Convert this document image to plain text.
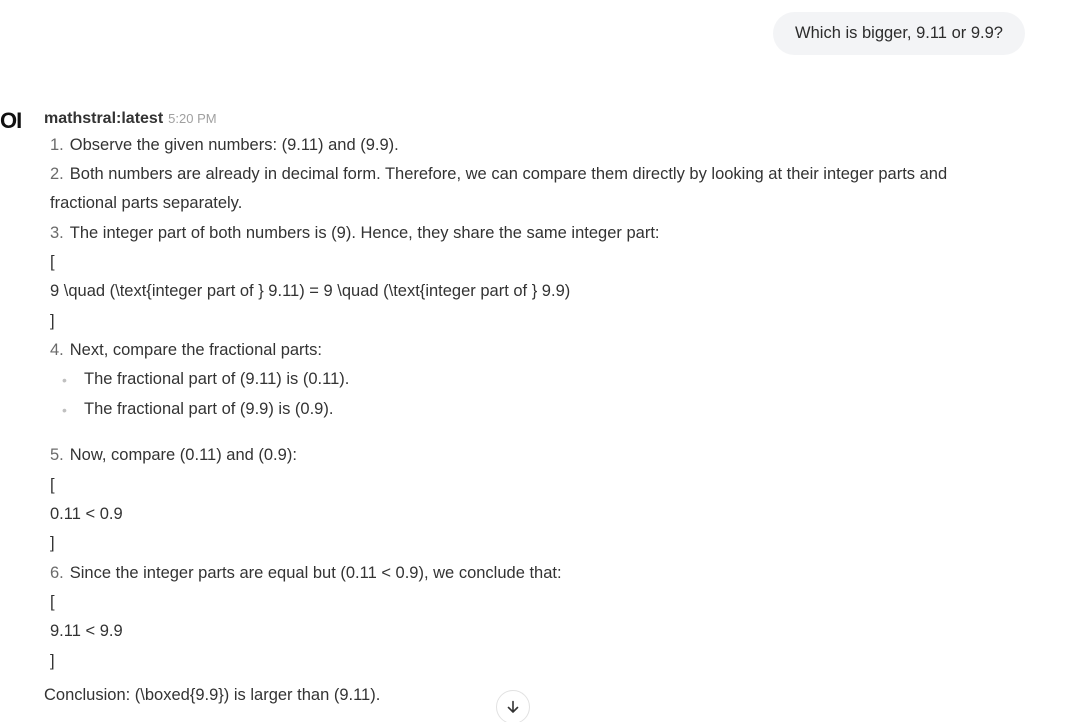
Which is bigger, 9.11 or 9.9?
OI mathstral:latest 5:20 PM
1. Observe the given numbers: (9.11) and (9.9).
2. Both numbers are already in decimal form. Therefore, we can compare them directly by looking at their integer parts and
fractional parts separately.
3. The integer part of both numbers is (9). Hence, they share the same integer part:
[
9 \quad (\text{integer part of } 9.11) = 9 \quad (\text{integer part of } 9.9)
]
4. Next, compare the fractional parts:
• The fractional part of (9.11) is (0.11).
• The fractional part of (9.9) is (0.9).
5. Now, compare (0.11) and (0.9):
[
0.11 < 0.9
]
6. Since the integer parts are equal but (0.11 < 0.9), we conclude that:
[
9.11 < 9.9
]
Conclusion: (\boxed{9.9}) is larger than (9.11).
